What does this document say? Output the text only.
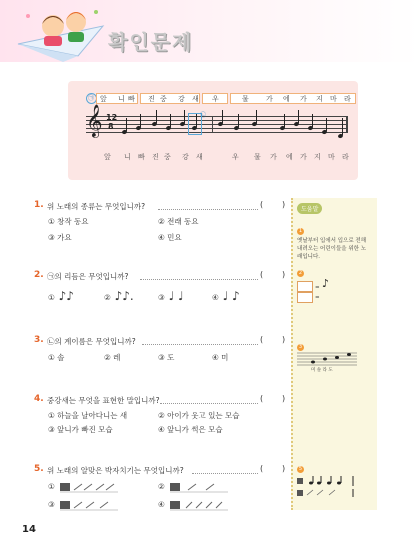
확인문제
㉠ 앞 니 빠 진 중 강 새 우	물 가 에 가 지 마 라
𝄞 12
8
㉡
앞 니 빠 진 중 강 새	우 물 가 에 가 지 마 라
1. 위 노래의 종류는 무엇입니까?	( )
① 창작 동요	② 전래 동요
③ 가요	④ 민요
2. ㉠의 리듬은 무엇입니까?	( )
① ♪♪	② ♪♪.	③ ♩ ♩	④ ♩ ♪
3. ㉡의 계이름은 무엇입니까?	( )
① 솔	② 레	③ 도	④ 미
4. 중강새는 무엇을 표현한 말입니까?	( )
① 하늘을 날아다니는 새	② 아이가 웃고 있는 모습
③ 앞니가 빠진 모습	④ 앞니가 썩은 모습
5. 위 노래의 알맞은 박자치기는 무엇입니까?	( )
①	②
③	④
도움말
1
옛날부터 입에서 입으로 전해 내려오는 어린이들을 위한 노래입니다.
2
=
=
♪
3
미 솔 라 도
5
14
